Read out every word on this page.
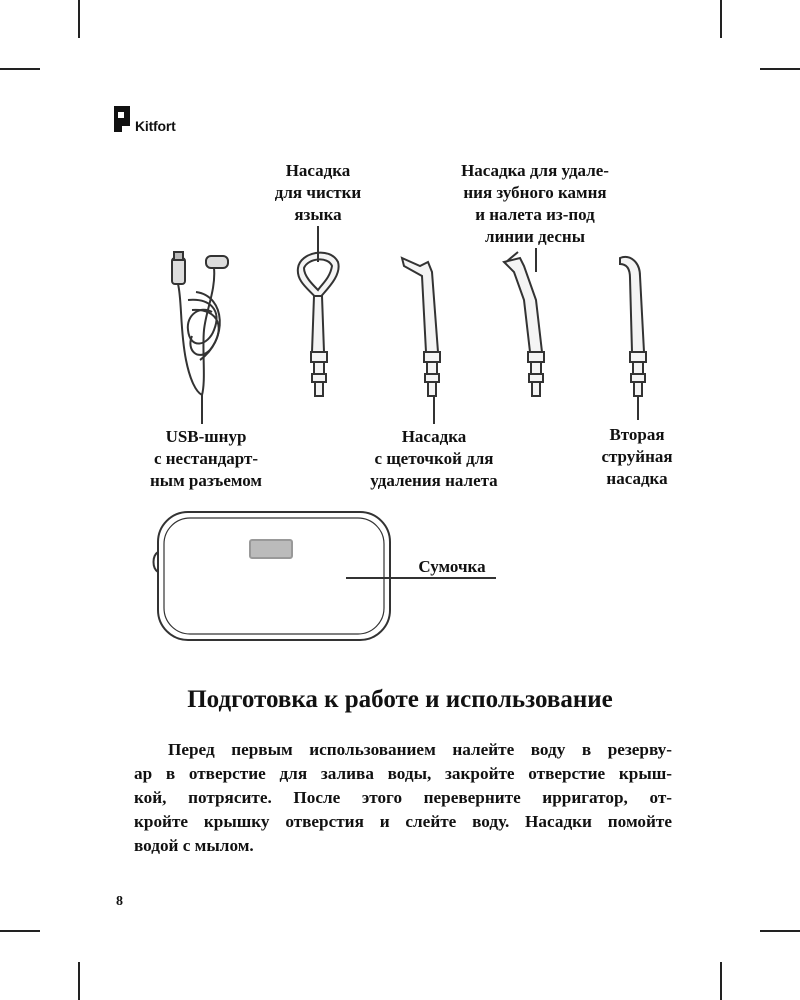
Kitfort
Насадка
для чистки
языка
Насадка для удале-
ния зубного камня
и налета из-под
линии десны
USB-шнур
с нестандарт-
ным разъемом
Насадка
с щеточкой для
удаления налета
Вторая
струйная
насадка
Сумочка
Подготовка к работе и использование
Перед первым использованием налейте воду в резерву-
ар в отверстие для залива воды, закройте отверстие крыш-
кой, потрясите. После этого переверните ирригатор, от-
кройте крышку отверстия и слейте воду. Насадки помойте
водой с мылом.
8
